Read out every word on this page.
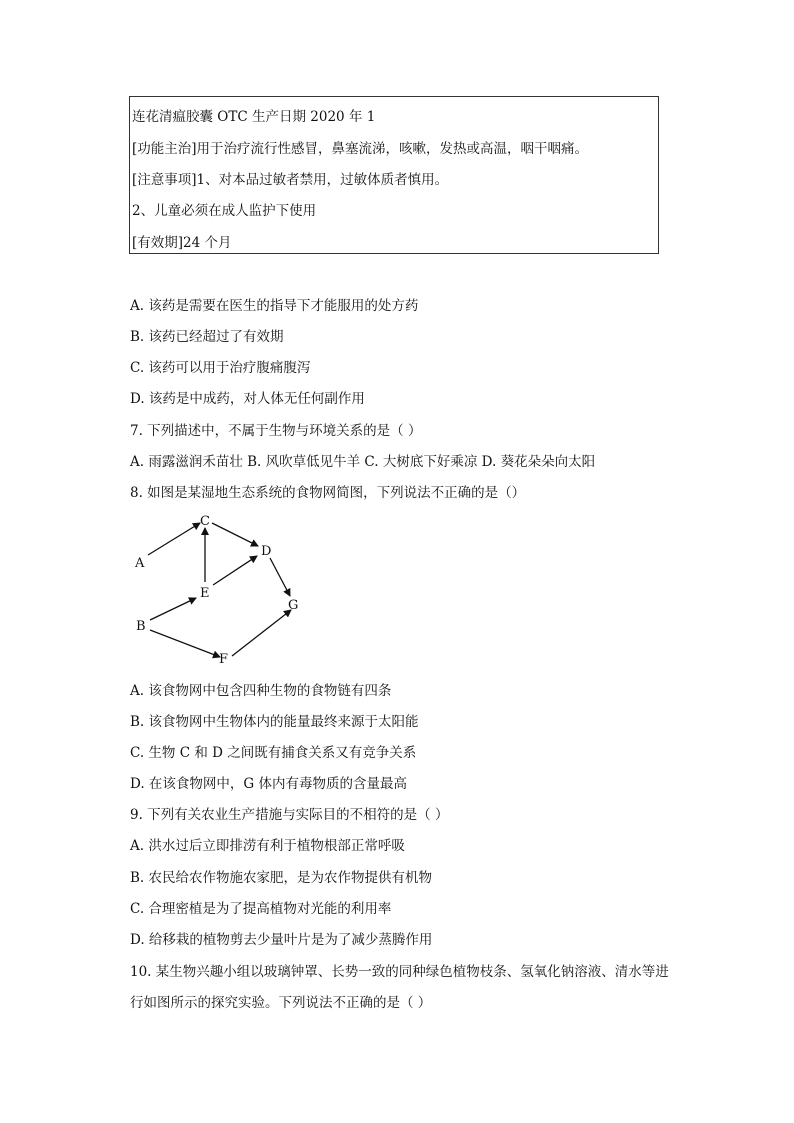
连花清瘟胶囊 OTC 生产日期 2020 年 1
[功能主治]用于治疗流行性感冒，鼻塞流涕，咳嗽，发热或高温，咽干咽痛。
[注意事项]1、对本品过敏者禁用，过敏体质者慎用。
2、儿童必须在成人监护下使用
[有效期]24 个月
A. 该药是需要在医生的指导下才能服用的处方药
B. 该药已经超过了有效期
C. 该药可以用于治疗腹痛腹泻
D. 该药是中成药，对人体无任何副作用
7. 下列描述中，不属于生物与环境关系的是（ ）
A. 雨露滋润禾苗壮 B. 风吹草低见牛羊 C. 大树底下好乘凉 D. 葵花朵朵向太阳
8. 如图是某湿地生态系统的食物网简图，下列说法不正确的是（）
A
B
C
D
E
F
G
A. 该食物网中包含四种生物的食物链有四条
B. 该食物网中生物体内的能量最终来源于太阳能
C. 生物 C 和 D 之间既有捕食关系又有竞争关系
D. 在该食物网中，G 体内有毒物质的含量最高
9. 下列有关农业生产措施与实际目的不相符的是（ ）
A. 洪水过后立即排涝有利于植物根部正常呼吸
B. 农民给农作物施农家肥，是为农作物提供有机物
C. 合理密植是为了提高植物对光能的利用率
D. 给移栽的植物剪去少量叶片是为了减少蒸腾作用
10. 某生物兴趣小组以玻璃钟罩、长势一致的同种绿色植物枝条、氢氧化钠溶液、清水等进
行如图所示的探究实验。下列说法不正确的是（ ）
